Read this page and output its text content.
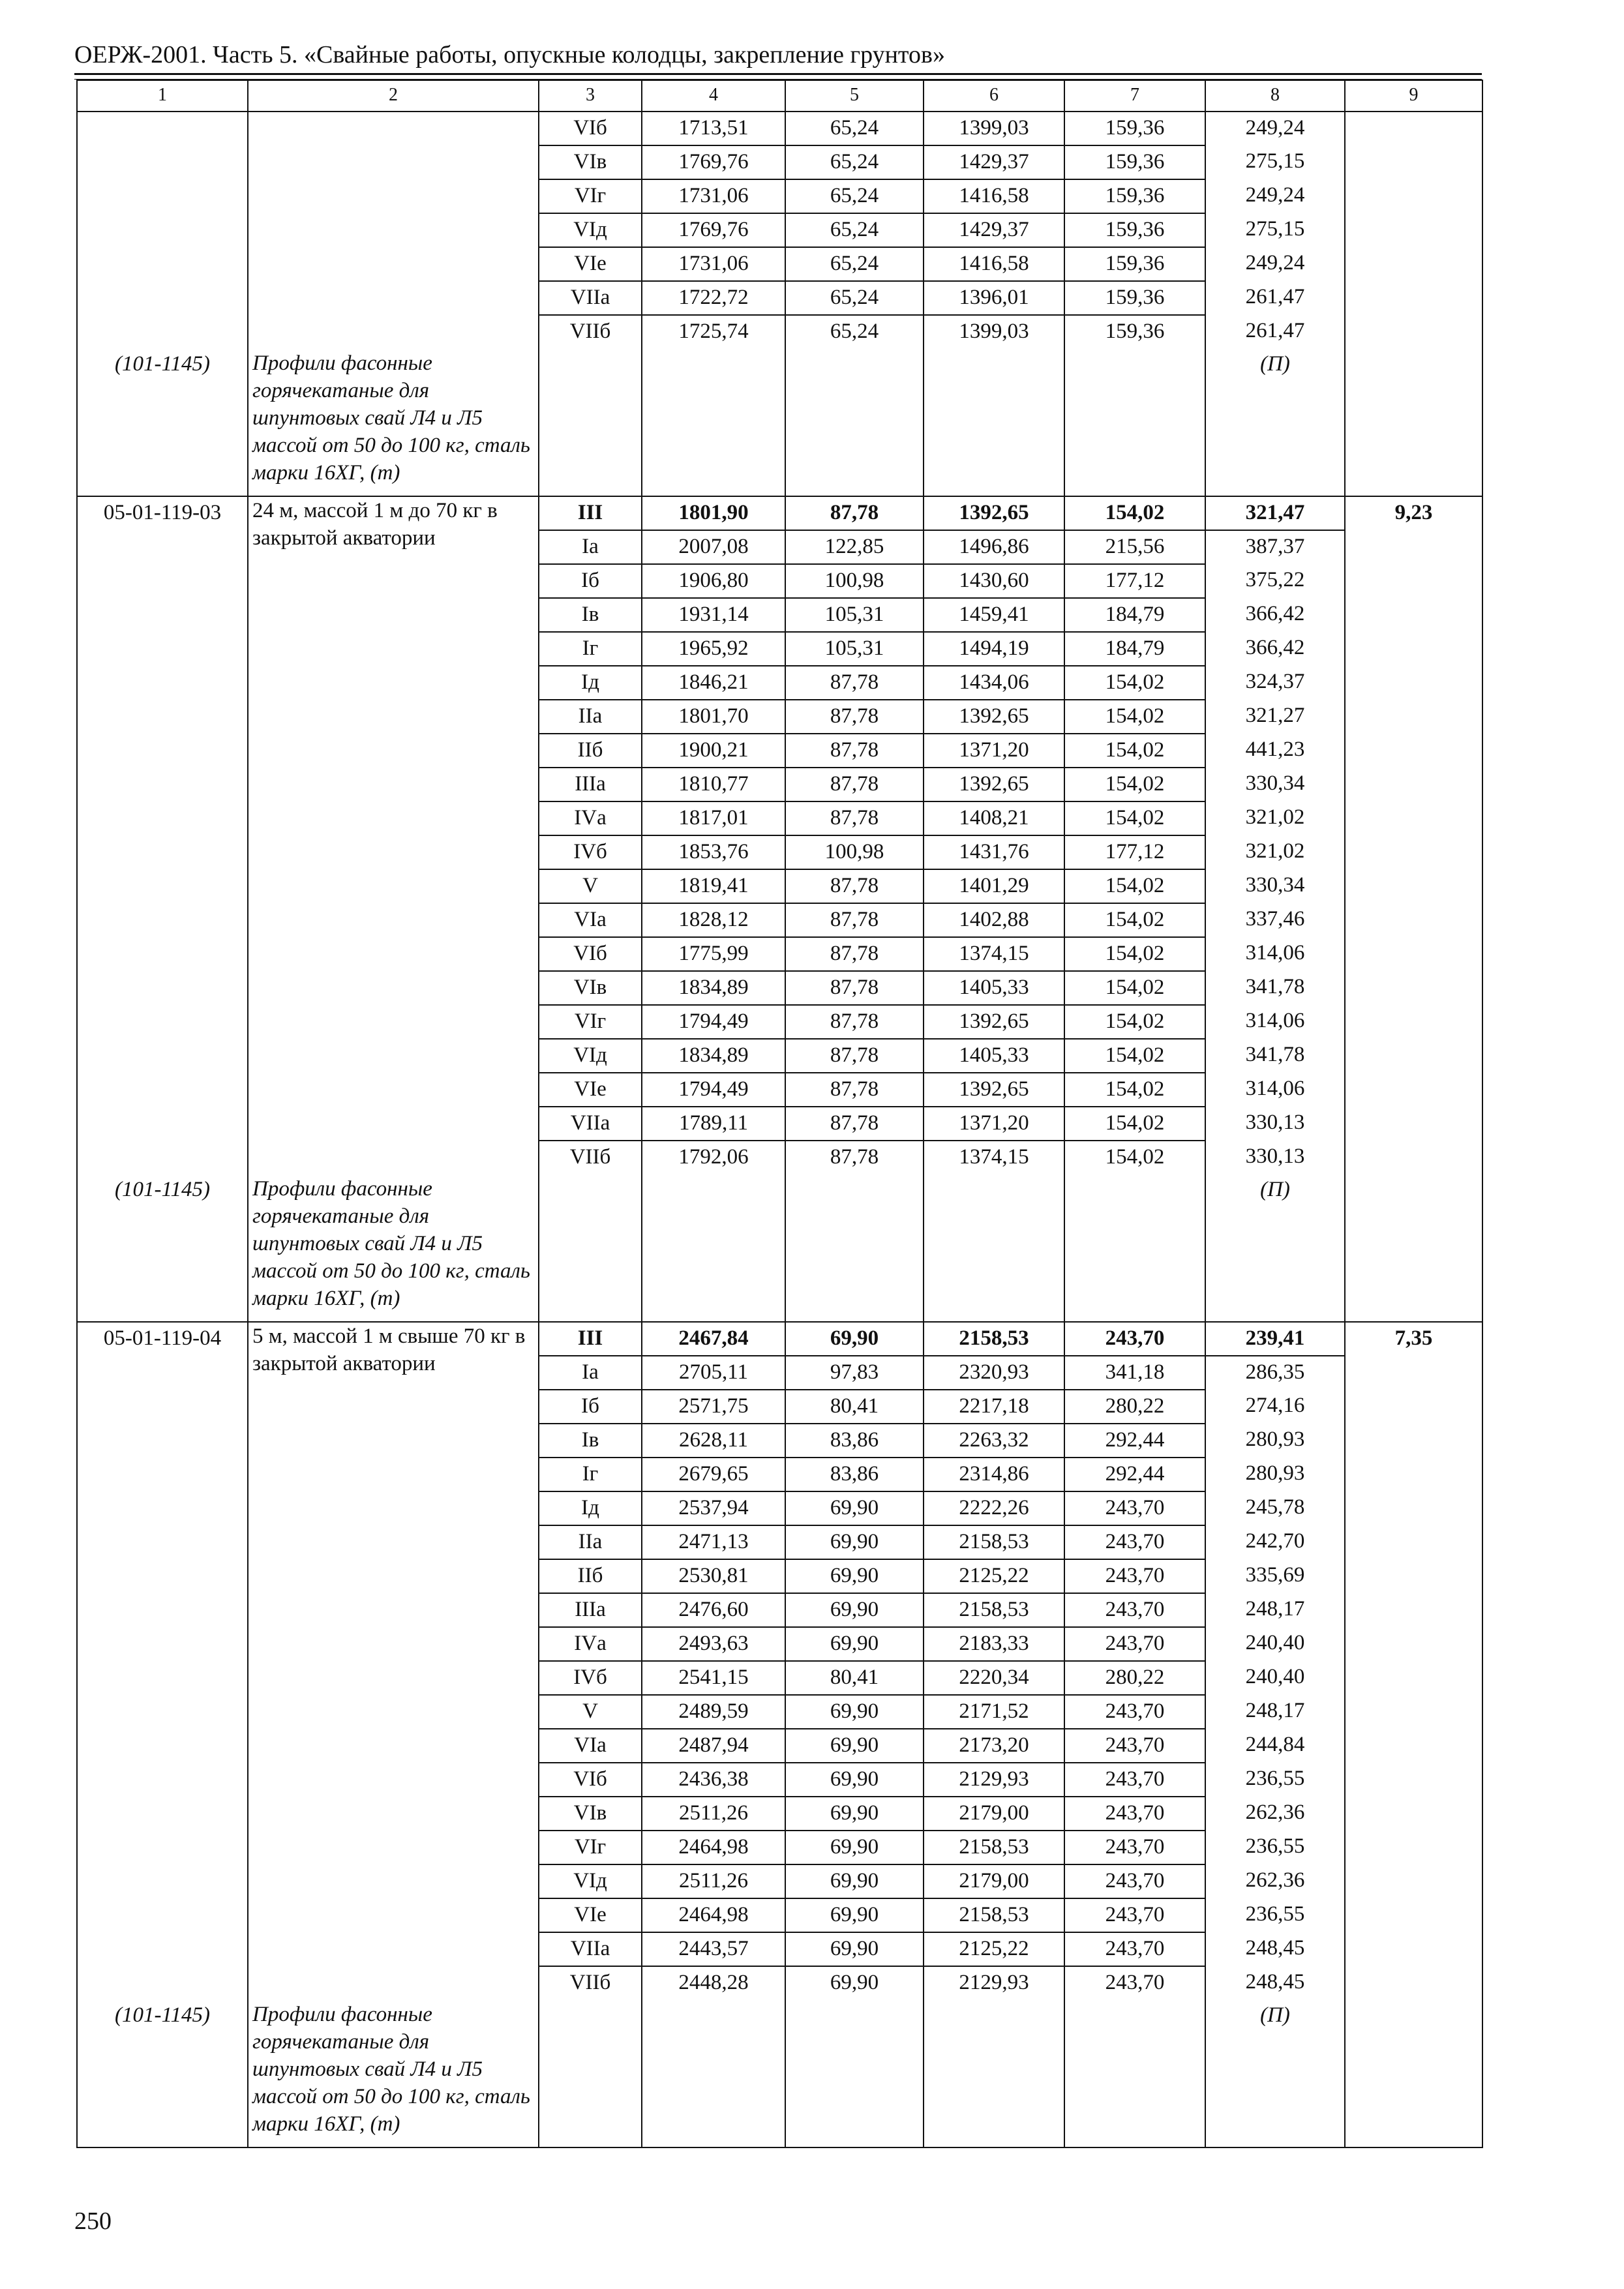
ОЕРЖ-2001. Часть 5. «Свайные работы, опускные колодцы, закрепление грунтов»
1	2	3	4	5	6	7	8	9
		VIб	1713,51	65,24	1399,03	159,36	249,24	
		VIв	1769,76	65,24	1429,37	159,36	275,15	
		VIг	1731,06	65,24	1416,58	159,36	249,24	
		VIд	1769,76	65,24	1429,37	159,36	275,15	
		VIе	1731,06	65,24	1416,58	159,36	249,24	
		VIIа	1722,72	65,24	1396,01	159,36	261,47	
		VIIб	1725,74	65,24	1399,03	159,36	261,47	
(101-1145)	Профили фасонные горячекатаные для шпунтовых свай Л4 и Л5 массой от 50 до 100 кг, сталь марки 16ХГ, (т)						(П)	
05-01-119-03	24 м, массой 1 м до 70 кг в закрытой акватории	III	1801,90	87,78	1392,65	154,02	321,47	9,23
		Iа	2007,08	122,85	1496,86	215,56	387,37	
		Iб	1906,80	100,98	1430,60	177,12	375,22	
		Iв	1931,14	105,31	1459,41	184,79	366,42	
		Iг	1965,92	105,31	1494,19	184,79	366,42	
		Iд	1846,21	87,78	1434,06	154,02	324,37	
		IIа	1801,70	87,78	1392,65	154,02	321,27	
		IIб	1900,21	87,78	1371,20	154,02	441,23	
		IIIа	1810,77	87,78	1392,65	154,02	330,34	
		IVа	1817,01	87,78	1408,21	154,02	321,02	
		IVб	1853,76	100,98	1431,76	177,12	321,02	
		V	1819,41	87,78	1401,29	154,02	330,34	
		VIа	1828,12	87,78	1402,88	154,02	337,46	
		VIб	1775,99	87,78	1374,15	154,02	314,06	
		VIв	1834,89	87,78	1405,33	154,02	341,78	
		VIг	1794,49	87,78	1392,65	154,02	314,06	
		VIд	1834,89	87,78	1405,33	154,02	341,78	
		VIе	1794,49	87,78	1392,65	154,02	314,06	
		VIIа	1789,11	87,78	1371,20	154,02	330,13	
		VIIб	1792,06	87,78	1374,15	154,02	330,13	
(101-1145)	Профили фасонные горячекатаные для шпунтовых свай Л4 и Л5 массой от 50 до 100 кг, сталь марки 16ХГ, (т)						(П)	
05-01-119-04	5 м, массой 1 м свыше 70 кг в закрытой акватории	III	2467,84	69,90	2158,53	243,70	239,41	7,35
		Iа	2705,11	97,83	2320,93	341,18	286,35	
		Iб	2571,75	80,41	2217,18	280,22	274,16	
		Iв	2628,11	83,86	2263,32	292,44	280,93	
		Iг	2679,65	83,86	2314,86	292,44	280,93	
		Iд	2537,94	69,90	2222,26	243,70	245,78	
		IIа	2471,13	69,90	2158,53	243,70	242,70	
		IIб	2530,81	69,90	2125,22	243,70	335,69	
		IIIа	2476,60	69,90	2158,53	243,70	248,17	
		IVа	2493,63	69,90	2183,33	243,70	240,40	
		IVб	2541,15	80,41	2220,34	280,22	240,40	
		V	2489,59	69,90	2171,52	243,70	248,17	
		VIа	2487,94	69,90	2173,20	243,70	244,84	
		VIб	2436,38	69,90	2129,93	243,70	236,55	
		VIв	2511,26	69,90	2179,00	243,70	262,36	
		VIг	2464,98	69,90	2158,53	243,70	236,55	
		VIд	2511,26	69,90	2179,00	243,70	262,36	
		VIе	2464,98	69,90	2158,53	243,70	236,55	
		VIIа	2443,57	69,90	2125,22	243,70	248,45	
		VIIб	2448,28	69,90	2129,93	243,70	248,45	
(101-1145)	Профили фасонные горячекатаные для шпунтовых свай Л4 и Л5 массой от 50 до 100 кг, сталь марки 16ХГ, (т)						(П)	
250
